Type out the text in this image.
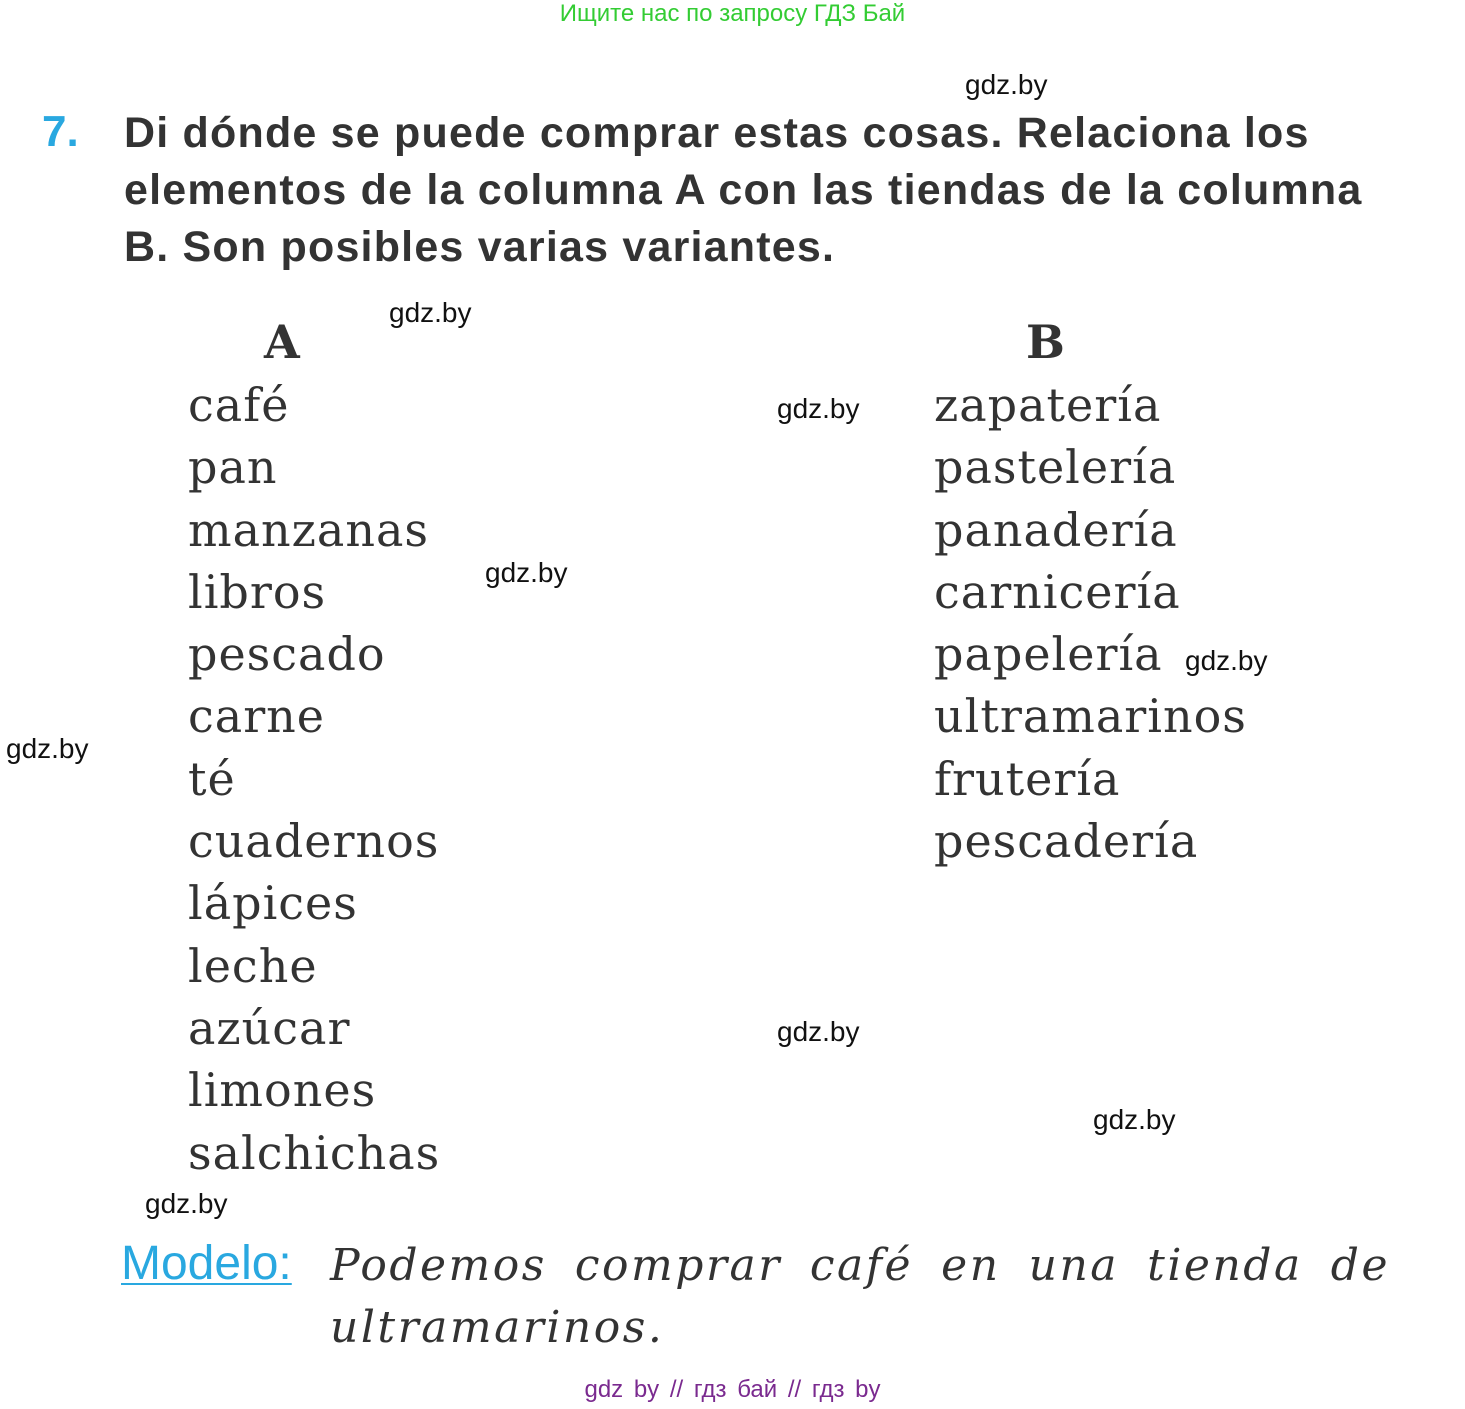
Ищите нас по запросу ГДЗ Бай
gdz.by
7. Di dónde se puede comprar estas cosas. Relaciona los elementos de la columna A con las tiendas de la columna B. Son posibles varias variantes.
gdz.by
A	B
café
pan
manzanas
libros
pescado
carne
té
cuadernos
lápices
leche
azúcar
limones
salchichas
zapatería
pastelería
panadería
carnicería
papelería
ultramarinos
frutería
pescadería
gdz.by
gdz.by
gdz.by
gdz.by
gdz.by
gdz.by
gdz.by
Modelo: Podemos comprar café en una tienda de ultramarinos.
gdz by // гдз бай // гдз by
